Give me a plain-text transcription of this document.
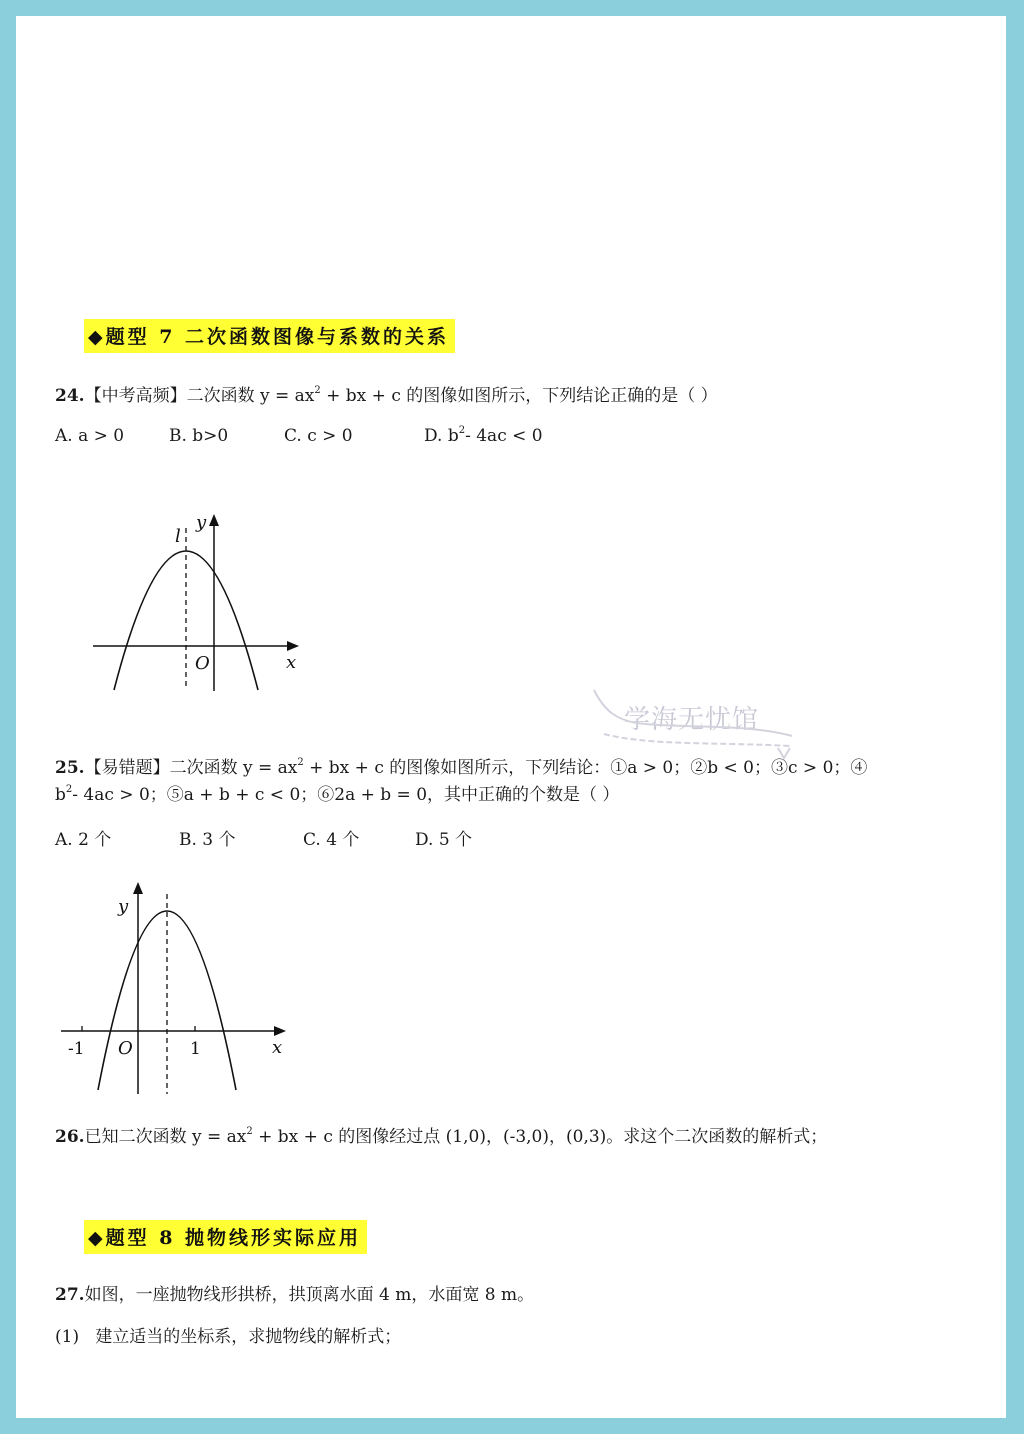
◆题型 7 二次函数图像与系数的关系
24.【中考高频】二次函数 $y = ax^2$ + bx + c 的图像如图所示，下列结论正确的是（ ）
A. a > 0	B. b>0	C. c > 0	D. $b^2-$ 4ac < 0
l
y
x
O
学海无忧馆
25.【易错题】二次函数 $y = ax^2$ + bx + c 的图像如图所示，下列结论：①a > 0；②b < 0；③c > 0；④
$b^2-$ 4ac > 0；⑤a + b + c < 0；⑥2a + b = 0，其中正确的个数是（ ）
A. 2 个	B. 3 个	C. 4 个	D. 5 个
y
x
O
-1	1
26.已知二次函数 $y = ax^2$ + bx + c 的图像经过点 (1,0)，(-3,0)，(0,3)。求这个二次函数的解析式；
◆题型 8 抛物线形实际应用
27.如图，一座抛物线形拱桥，拱顶离水面 4 m，水面宽 8 m。
(1) 建立适当的坐标系，求抛物线的解析式；
